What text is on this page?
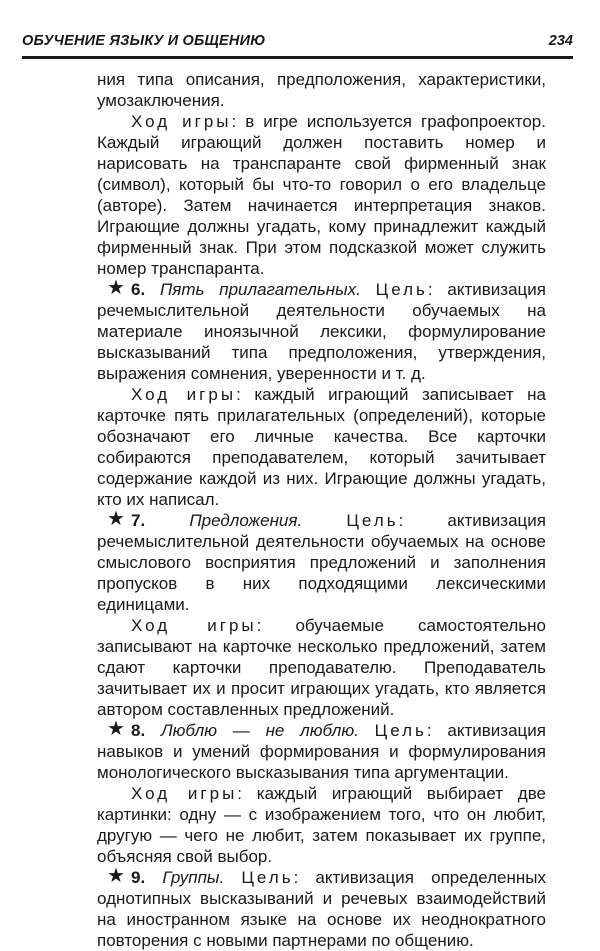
ОБУЧЕНИЕ ЯЗЫКУ И ОБЩЕНИЮ	234

ния типа описания, предположения, характеристики, умозаключения.

Ход игры: в игре используется графопроектор. Каждый играющий должен поставить номер и нарисовать на транспаранте свой фирменный знак (символ), который бы что-то говорил о его владельце (авторе). Затем начинается интерпретация знаков. Играющие должны угадать, кому принадлежит каждый фирменный знак. При этом подсказкой может служить номер транспаранта.

★ 6. Пять прилагательных. Цель: активизация речемыслительной деятельности обучаемых на материале иноязычной лексики, формулирование высказываний типа предположения, утверждения, выражения сомнения, уверенности и т. д.

Ход игры: каждый играющий записывает на карточке пять прилагательных (определений), которые обозначают его личные качества. Все карточки собираются преподавателем, который зачитывает содержание каждой из них. Играющие должны угадать, кто их написал.

★ 7.	Предложения.	Цель: активизация речемыслительной деятельности обучаемых на основе смыслового восприятия предложений и заполнения пропусков в них подходящими лексическими единицами.

Ход игры: обучаемые самостоятельно записывают на карточке несколько предложений, затем сдают карточки преподавателю. Преподаватель зачитывает их и просит играющих угадать, кто является автором составленных предложений.

★ 8. Люблю — не люблю. Цель: активизация навыков и умений формирования и формулирования монологического высказывания типа аргументации.

Ход игры: каждый играющий выбирает две картинки: одну — с изображением того, что он любит, другую — чего не любит, затем показывает их группе, объясняя свой выбор.

★ 9. Группы. Цель: активизация определенных однотипных высказываний и речевых взаимодействий на иностранном языке на основе их неоднократного повторения с новыми партнерами по общению.
